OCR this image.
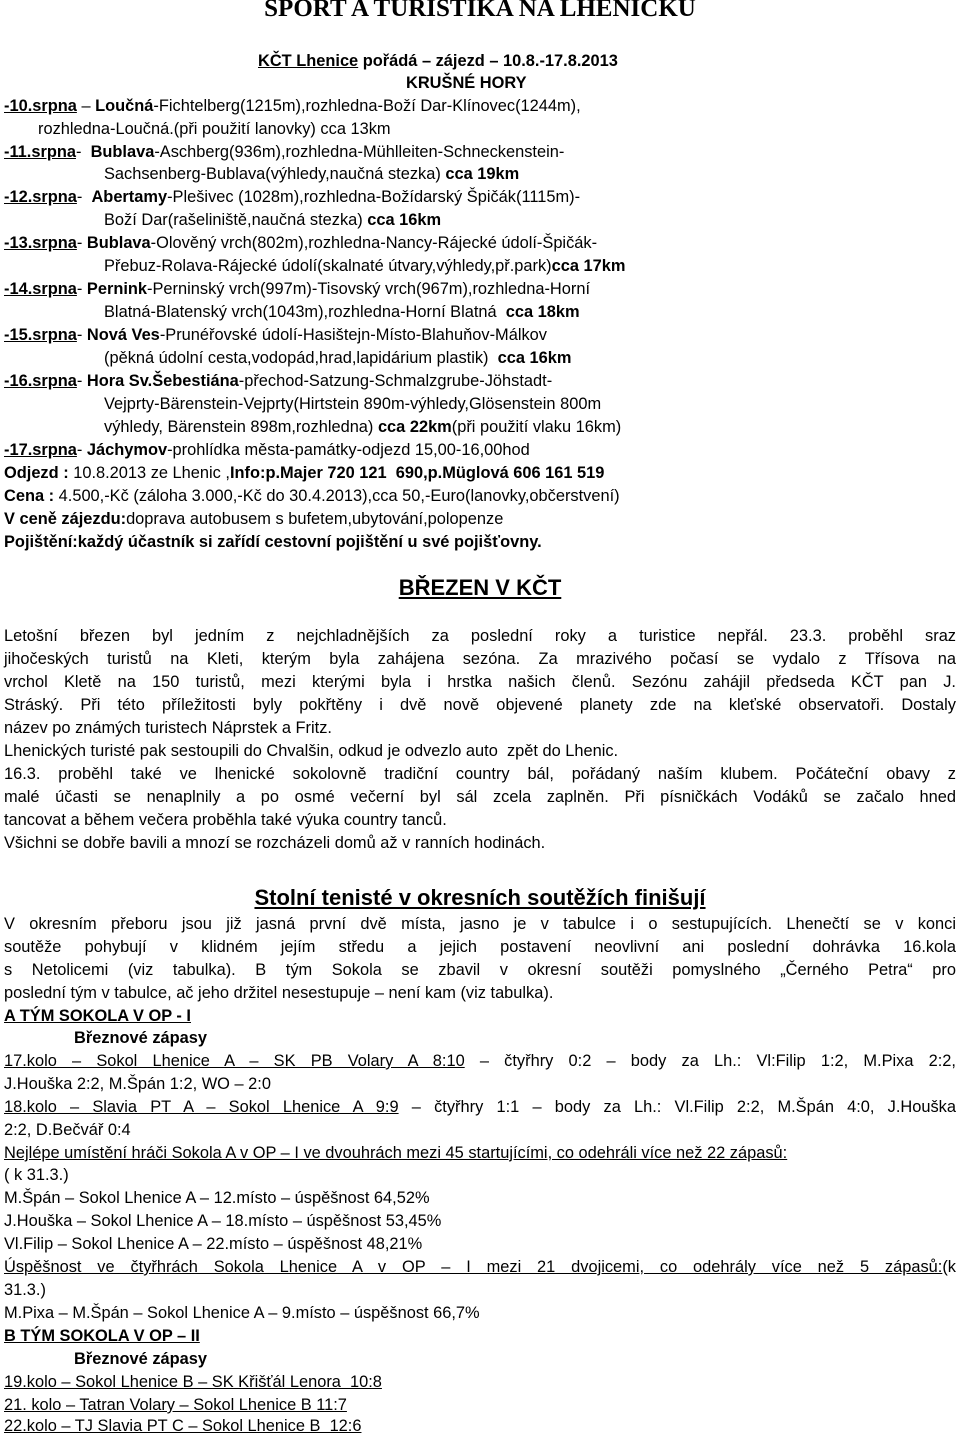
SPORT A TURISTIKA NA LHENICKU
KČT Lhenice pořádá – zájezd – 10.8.-17.8.2013
KRUŠNÉ HORY
-10.srpna – Loučná-Fichtelberg(1215m),rozhledna-Boží Dar-Klínovec(1244m),
rozhledna-Loučná.(při použití lanovky) cca 13km
-11.srpna-  Bublava-Aschberg(936m),rozhledna-Mühlleiten-Schneckenstein-
Sachsenberg-Bublava(výhledy,naučná stezka) cca 19km
-12.srpna-  Abertamy-Plešivec (1028m),rozhledna-Božídarský Špičák(1115m)-
Boží Dar(rašeliniště,naučná stezka) cca 16km
-13.srpna- Bublava-Olověný vrch(802m),rozhledna-Nancy-Rájecké údolí-Špičák-
Přebuz-Rolava-Rájecké údolí(skalnaté útvary,výhledy,př.park)cca 17km
-14.srpna- Pernink-Perninský vrch(997m)-Tisovský vrch(967m),rozhledna-Horní
Blatná-Blatenský vrch(1043m),rozhledna-Horní Blatná  cca 18km
-15.srpna- Nová Ves-Prunéřovské údolí-Hasištejn-Místo-Blahuňov-Málkov
(pěkná údolní cesta,vodopád,hrad,lapidárium plastik)  cca 16km
-16.srpna- Hora Sv.Šebestiána-přechod-Satzung-Schmalzgrube-Jöhstadt-
Vejprty-Bärenstein-Vejprty(Hirtstein 890m-výhledy,Glösenstein 800m
výhledy, Bärenstein 898m,rozhledna) cca 22km(při použití vlaku 16km)
-17.srpna- Jáchymov-prohlídka města-památky-odjezd 15,00-16,00hod
Odjezd : 10.8.2013 ze Lhenic ,Info:p.Majer 720 121  690,p.Müglová 606 161 519
Cena : 4.500,-Kč (záloha 3.000,-Kč do 30.4.2013),cca 50,-Euro(lanovky,občerstvení)
V ceně zájezdu:doprava autobusem s bufetem,ubytování,polopenze
Pojištění:každý účastník si zařídí cestovní pojištění u své pojišťovny.
BŘEZEN V KČT
Letošní březen byl jedním z nejchladnějších za poslední roky a turistice nepřál. 23.3. proběhl sraz
jihočeských turistů na Kleti, kterým byla zahájena sezóna. Za mrazivého počasí se vydalo z Třísova na
vrchol Kletě na 150 turistů, mezi kterými byla i hrstka našich členů. Sezónu zahájil předseda KČT pan J.
Stráský. Při této příležitosti byly pokřtěny i dvě nově objevené planety zde na kleťské observatoři. Dostaly
název po známých turistech Náprstek a Fritz.
Lhenických turisté pak sestoupili do Chvalšin, odkud je odvezlo auto  zpět do Lhenic.
16.3. proběhl také ve lhenické sokolovně tradiční country bál, pořádaný naším klubem. Počáteční obavy z
malé účasti se nenaplnily a po osmé večerní byl sál zcela zaplněn. Při písničkách Vodáků se začalo hned
tancovat a během večera proběhla také výuka country tanců.
Všichni se dobře bavili a mnozí se rozcházeli domů až v ranních hodinách.
Stolní tenisté v okresních soutěžích finišují
V okresním přeboru jsou již jasná první dvě místa, jasno je v tabulce i o sestupujících. Lhenečtí se v konci
soutěže pohybují v klidném jejím středu a jejich postavení neovlivní ani poslední dohrávka 16.kola
s Netolicemi (viz tabulka). B tým Sokola se zbavil v okresní soutěži pomyslného „Černého Petra“ pro
poslední tým v tabulce, ač jeho držitel nesestupuje – není kam (viz tabulka).
A TÝM SOKOLA V OP - I
Březnové zápasy
17.kolo – Sokol Lhenice A – SK PB Volary A 8:10 – čtyřhry 0:2 – body za Lh.: Vl:Filip 1:2, M.Pixa 2:2,
J.Houška 2:2, M.Špán 1:2, WO – 2:0
18.kolo – Slavia PT A – Sokol Lhenice A 9:9 – čtyřhry 1:1 – body za Lh.: Vl.Filip 2:2, M.Špán 4:0, J.Houška
2:2, D.Bečvář 0:4
Nejlépe umístění hráči Sokola A v OP – I ve dvouhrách mezi 45 startujícími, co odehráli více než 22 zápasů:
( k 31.3.)
M.Špán – Sokol Lhenice A – 12.místo – úspěšnost 64,52%
J.Houška – Sokol Lhenice A – 18.místo – úspěšnost 53,45%
Vl.Filip – Sokol Lhenice A – 22.místo – úspěšnost 48,21%
Úspěšnost ve čtyřhrách Sokola Lhenice A v OP – I mezi 21 dvojicemi, co odehrály více než 5 zápasů:(k
31.3.)
M.Pixa – M.Špán – Sokol Lhenice A – 9.místo – úspěšnost 66,7%
B TÝM SOKOLA V OP – II
Březnové zápasy
19.kolo – Sokol Lhenice B – SK Křišťál Lenora  10:8
21. kolo – Tatran Volary – Sokol Lhenice B 11:7
22.kolo – TJ Slavia PT C – Sokol Lhenice B  12:6
